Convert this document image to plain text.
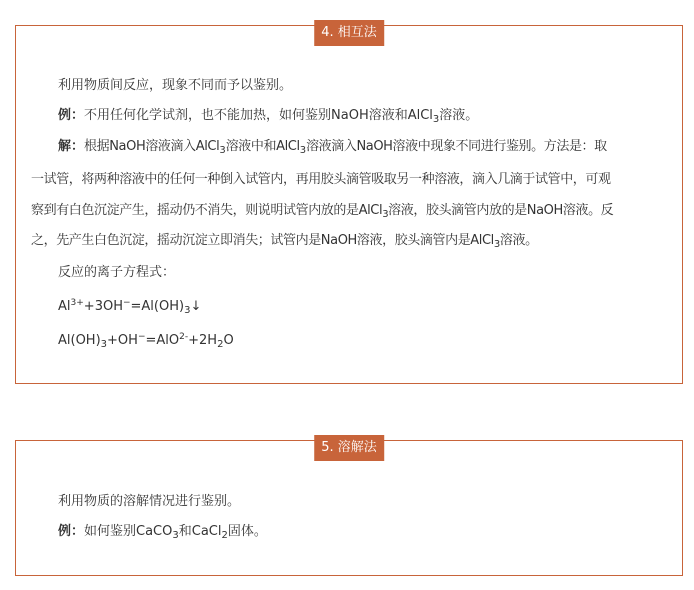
4. 相互法

利用物质间反应，现象不同而予以鉴别。

例：不用任何化学试剂，也不能加热，如何鉴别NaOH溶液和AlCl$_3$溶液。

解：根据NaOH溶液滴入AlCl$_3$溶液中和AlCl$_3$溶液滴入NaOH溶液中现象不同进行鉴别。方法是：取

一试管，将两种溶液中的任何一种倒入试管内，再用胶头滴管吸取另一种溶液，滴入几滴于试管中，可观

察到有白色沉淀产生，摇动仍不消失，则说明试管内放的是AlCl$_3$溶液，胶头滴管内放的是NaOH溶液。反

之，先产生白色沉淀，摇动沉淀立即消失；试管内是NaOH溶液，胶头滴管内是AlCl$_3$溶液。

反应的离子方程式：

$Al^{3+}+3OH^-=Al(OH)_3↓$

$Al(OH)_3+OH^-=AlO^{2-}+2H_2O$

5. 溶解法

利用物质的溶解情况进行鉴别。

例：如何鉴别CaCO$_3$和CaCl$_2$固体。
